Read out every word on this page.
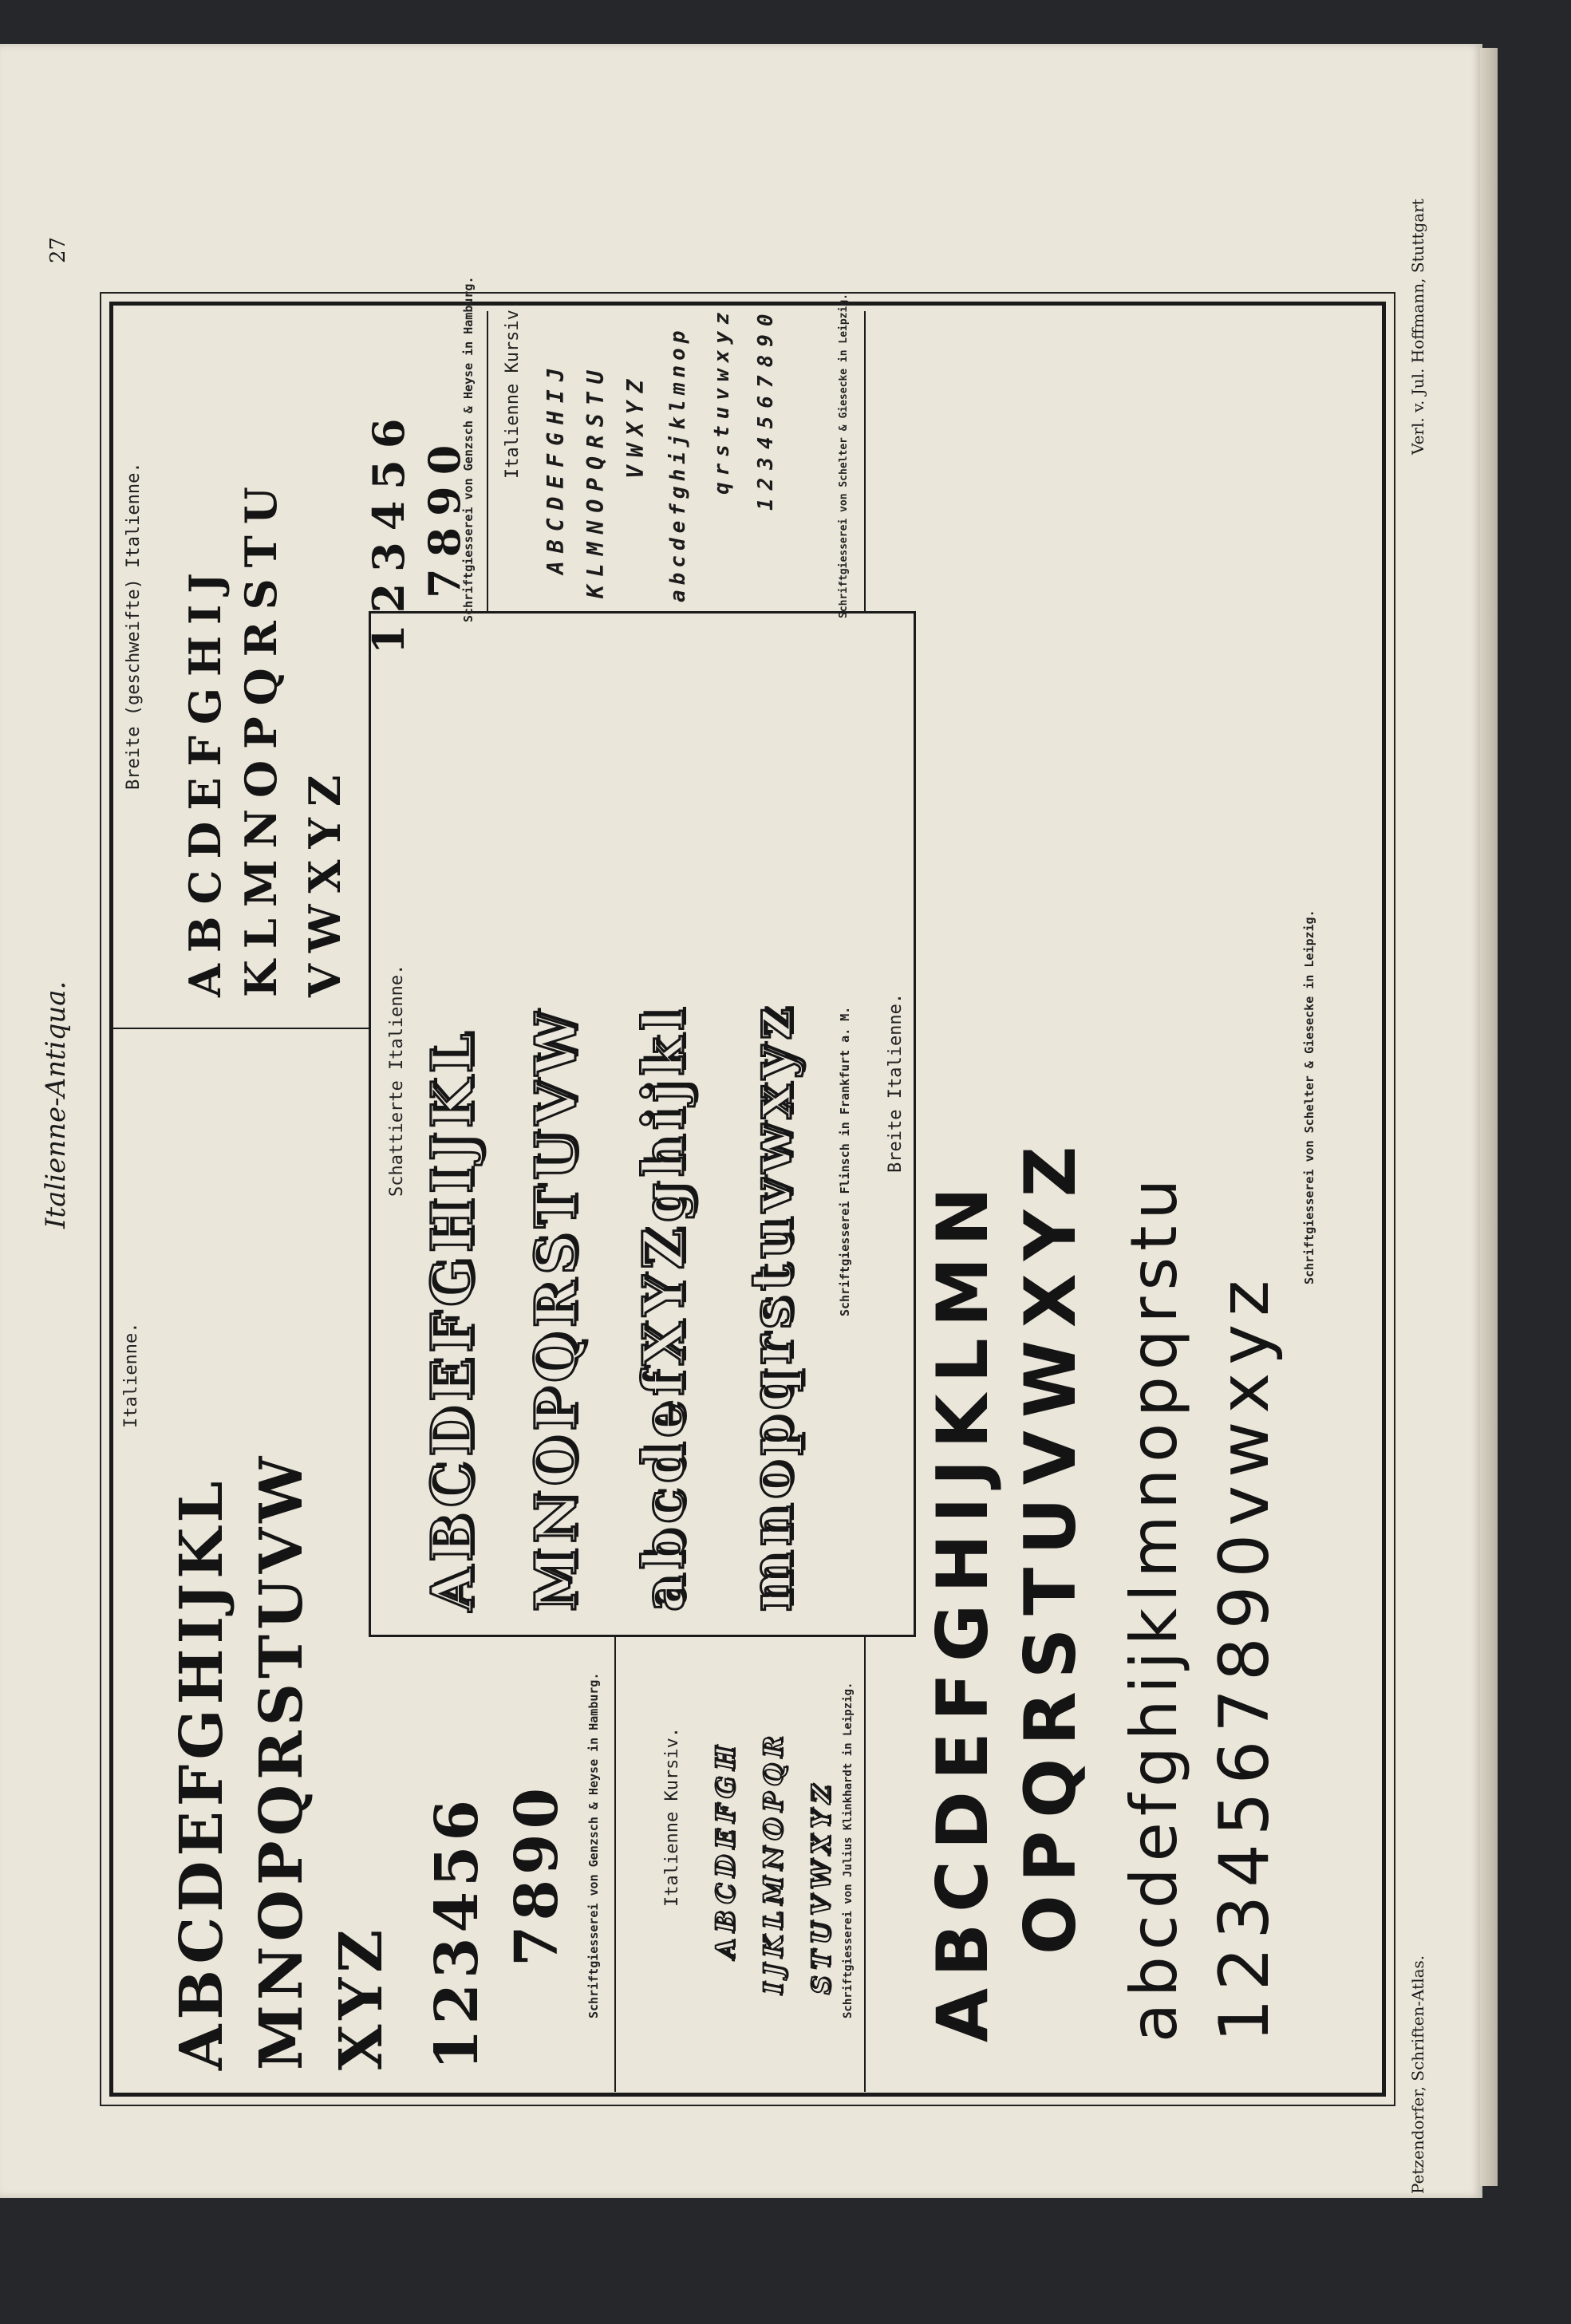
Italienne-Antiqua.
27
Petzendorfer, Schriften-Atlas.
Verl. v. Jul. Hoffmann, Stuttgart
Italienne.
ABCDEFGHIJKL MNOPQRSTUVW XYZ 123456 7890 Schriftgiesserei von Genzsch & Heyse in Hamburg.
Breite (geschweifte) Italienne. ABCDEFGHIJ KLMNOPQRSTU VWXYZ
123456 7890
Schriftgiesserei von Genzsch & Heyse in Hamburg. Italienne Kursiv. ABCDEFGHIJ KLMNOPQRSTU VWXYZ abcdefghijklmnop qrstuvwxyz 1234567890	Schriftgiesserei von Schelter & Giesecke in Leipzig.
Schattierte Italienne. ABCDEFGHIJKL MNOPQRSTUVW abcdefXYZghijkl mnopqrstuvwxyz	Schriftgiesserei Flinsch in Frankfurt a. M.
Italienne Kursiv. ABCDEFGH IJKLMNOPQR STUVWXYZ Schriftgiesserei von Julius Klinkhardt in Leipzig.
Breite Italienne.
ABCDEFGHIJKLMN OPQRSTUVWXYZ abcdefghijklmnopqrstu 1234567890vwxyz
Schriftgiesserei von Schelter & Giesecke in Leipzig.
